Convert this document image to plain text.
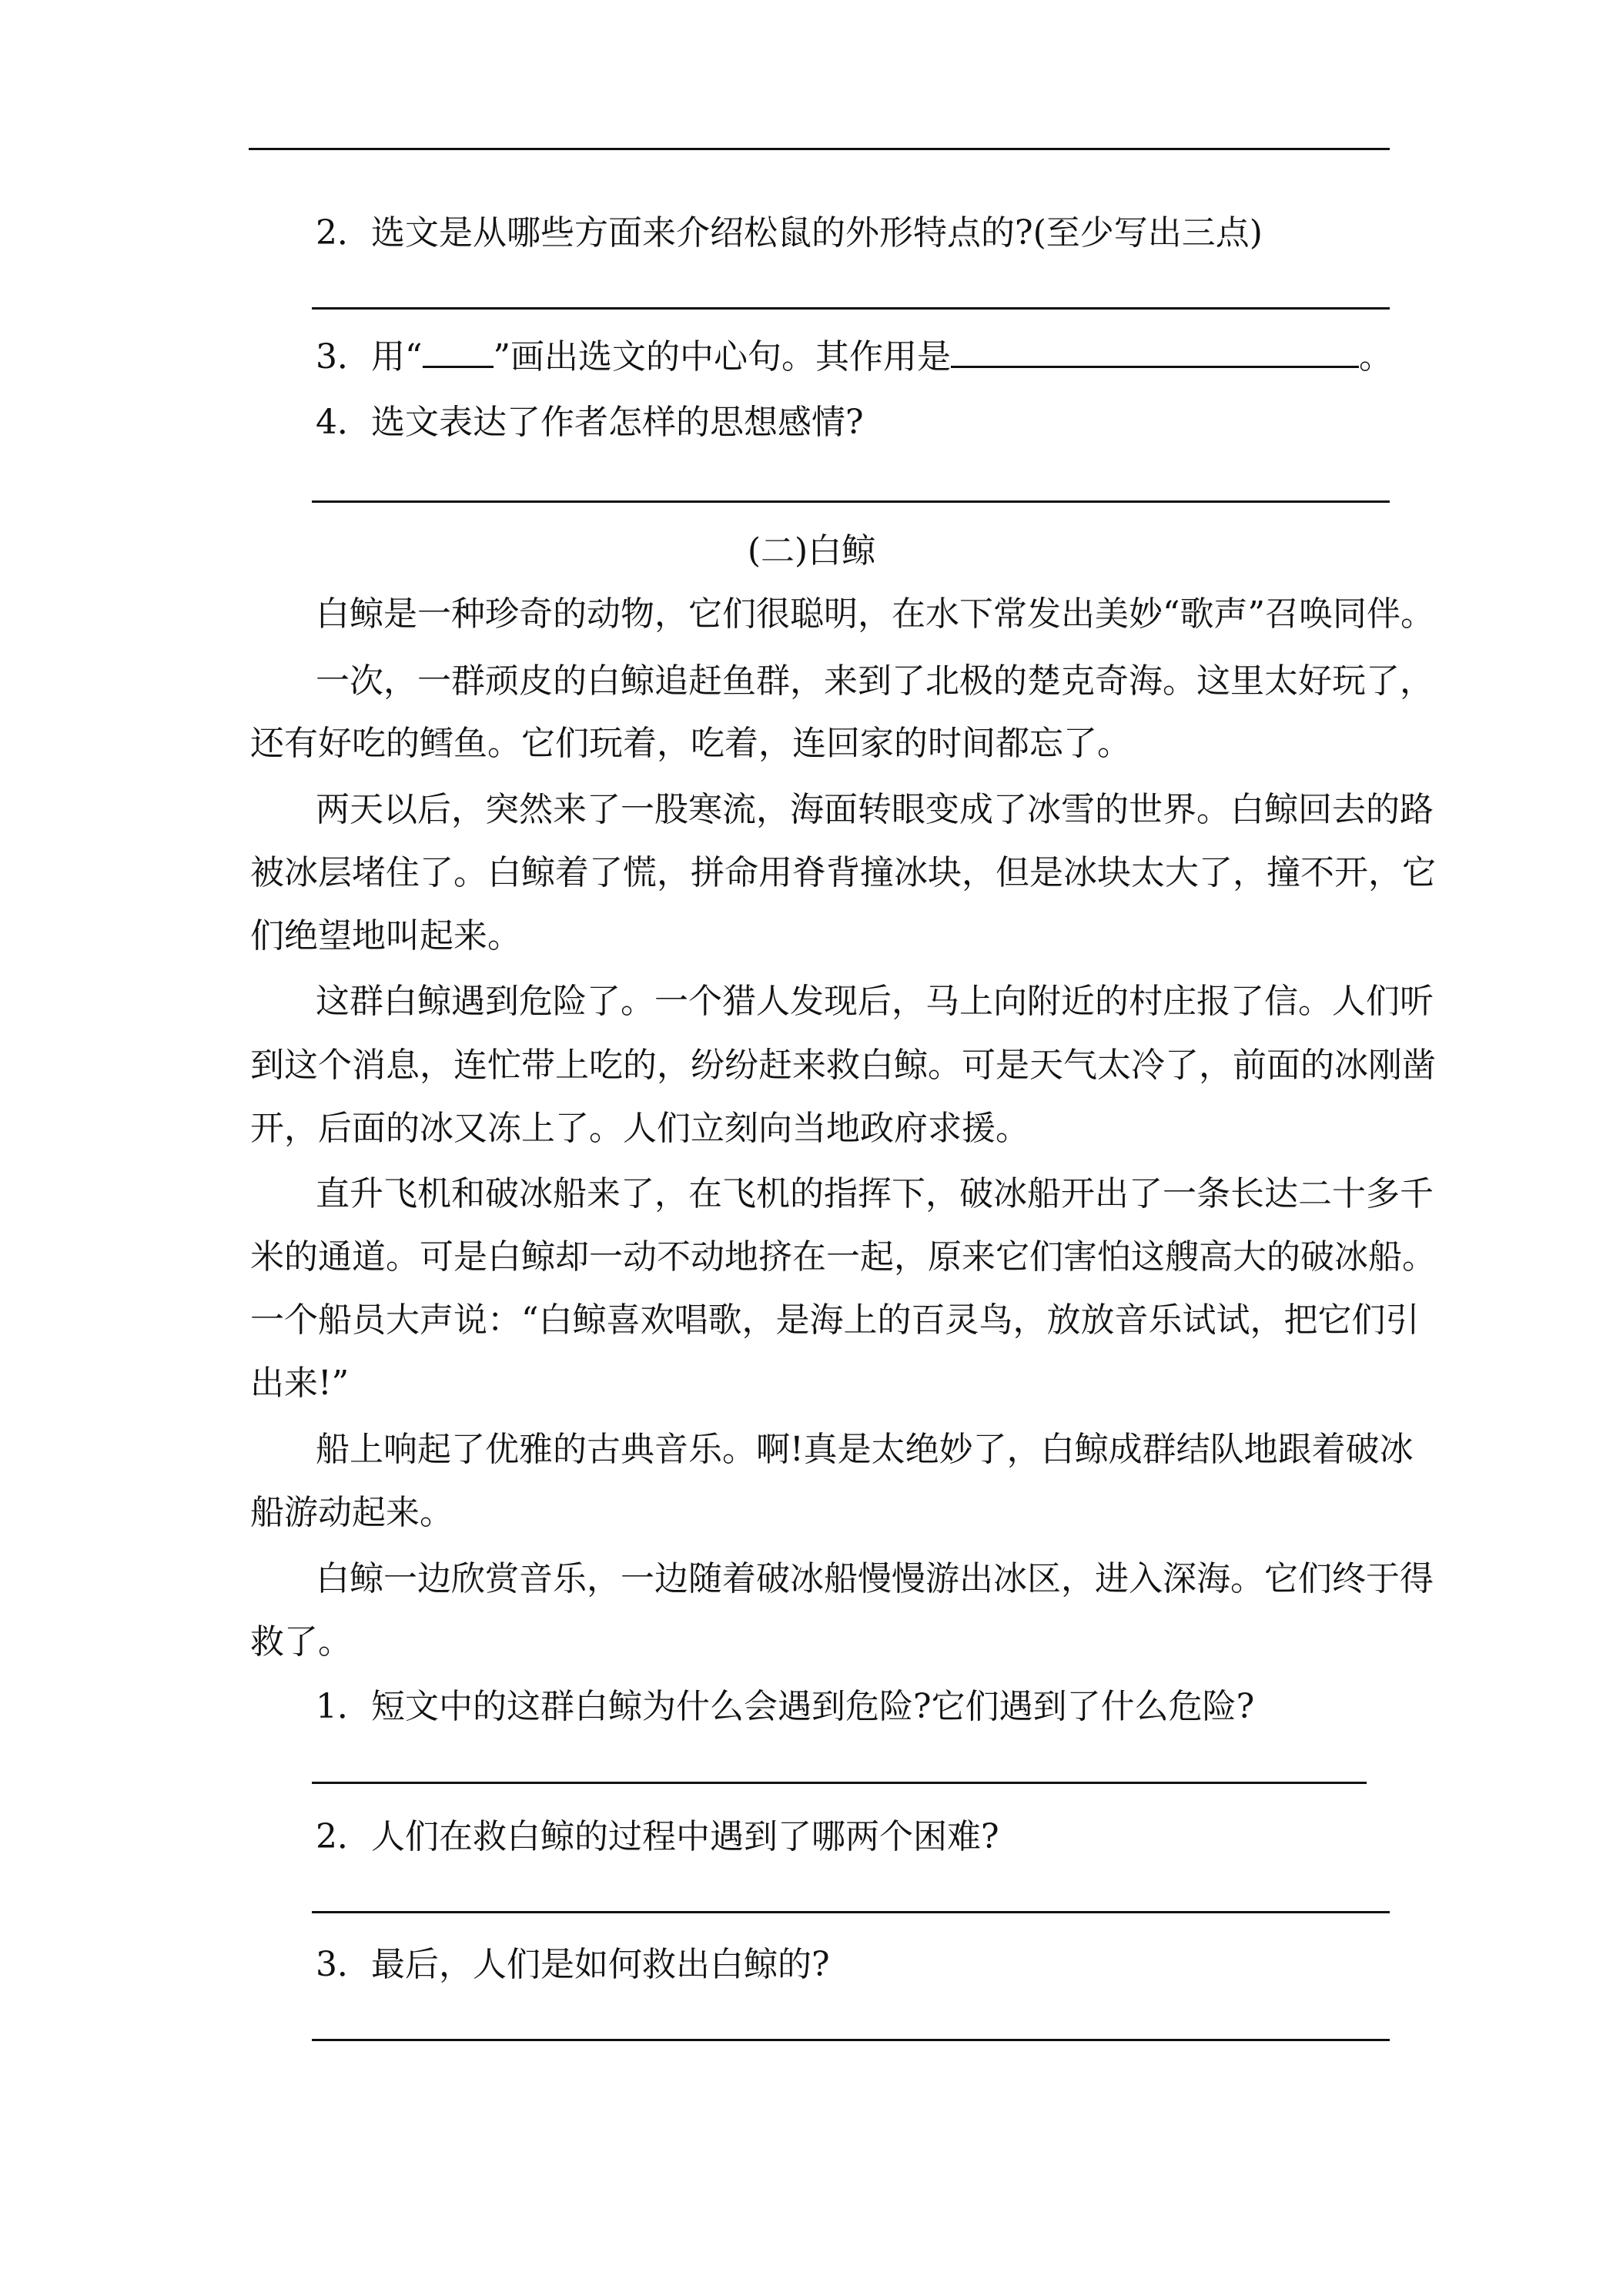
2．选文是从哪些方面来介绍松鼠的外形特点的?(至少写出三点)
3．用“ ”画出选文的中心句。其作用是	。
4．选文表达了作者怎样的思想感情?
(二)白鲸
白鲸是一种珍奇的动物，它们很聪明，在水下常发出美妙“歌声”召唤同伴。
一次，一群顽皮的白鲸追赶鱼群，来到了北极的楚克奇海。这里太好玩了，
还有好吃的鳕鱼。它们玩着，吃着，连回家的时间都忘了。
两天以后，突然来了一股寒流，海面转眼变成了冰雪的世界。白鲸回去的路
被冰层堵住了。白鲸着了慌，拼命用脊背撞冰块，但是冰块太大了，撞不开，它
们绝望地叫起来。
这群白鲸遇到危险了。一个猎人发现后，马上向附近的村庄报了信。人们听
到这个消息，连忙带上吃的，纷纷赶来救白鲸。可是天气太冷了，前面的冰刚凿
开，后面的冰又冻上了。人们立刻向当地政府求援。
直升飞机和破冰船来了，在飞机的指挥下，破冰船开出了一条长达二十多千
米的通道。可是白鲸却一动不动地挤在一起，原来它们害怕这艘高大的破冰船。
一个船员大声说：“白鲸喜欢唱歌，是海上的百灵鸟，放放音乐试试，把它们引
出来!”
船上响起了优雅的古典音乐。啊!真是太绝妙了，白鲸成群结队地跟着破冰
船游动起来。
白鲸一边欣赏音乐，一边随着破冰船慢慢游出冰区，进入深海。它们终于得
救了。
1．短文中的这群白鲸为什么会遇到危险?它们遇到了什么危险?
2．人们在救白鲸的过程中遇到了哪两个困难?
3．最后，人们是如何救出白鲸的?
